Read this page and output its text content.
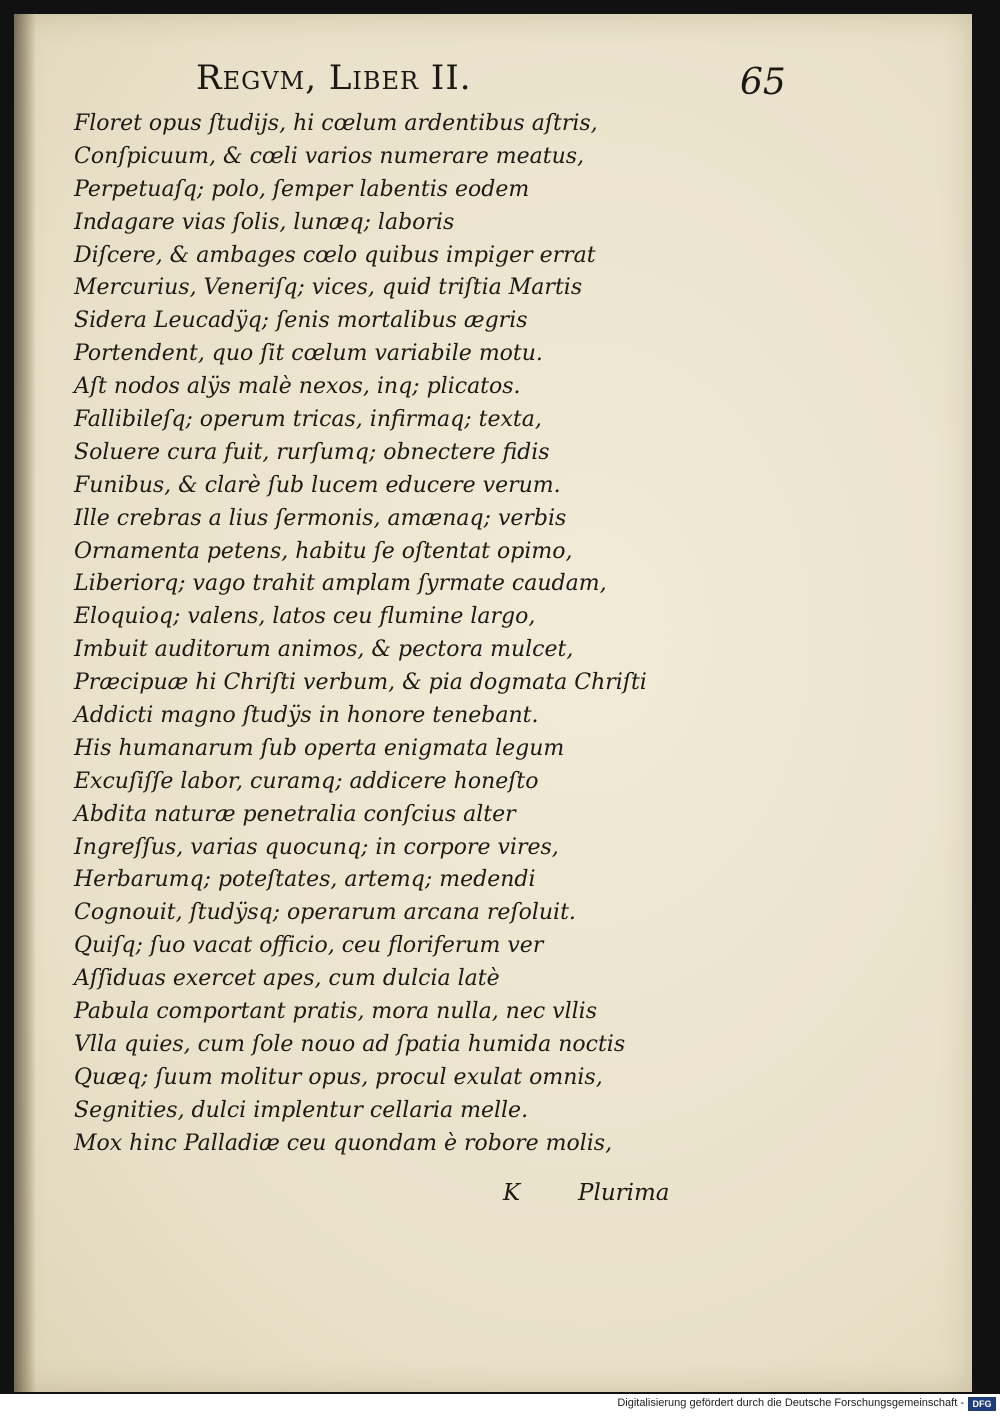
Regvm, Liber II.	65
Floret opus ſtudijs, hi cœlum ardentibus aſtris,
Conſpicuum, & cœli varios numerare meatus,
Perpetuaſq; polo, ſemper labentis eodem
Indagare vias ſolis, lunæq; laboris
Diſcere, & ambages cœlo quibus impiger errat
Mercurius, Veneriſq; vices, quid triſtia Martis
Sidera Leucadÿq; ſenis mortalibus ægris
Portendent, quo ſit cœlum variabile motu.
Aſt nodos alÿs malè nexos, inq; plicatos.
Fallibileſq; operum tricas, infirmaq; texta,
Soluere cura fuit, rurſumq; obnectere fidis
Funibus, & clarè ſub lucem educere verum.
Ille crebras a lius ſermonis, amænaq; verbis
Ornamenta petens, habitu ſe oſtentat opimo,
Liberiorq; vago trahit amplam ſyrmate caudam,
Eloquioq; valens, latos ceu flumine largo,
Imbuit auditorum animos, & pectora mulcet,
Præcipuæ hi Chriſti verbum, & pia dogmata Chriſti
Addicti magno ſtudÿs in honore tenebant.
His humanarum ſub operta enigmata legum
Excuſiſſe labor, curamq; addicere honeſto
Abdita naturæ penetralia conſcius alter
Ingreſſus, varias quocunq; in corpore vires,
Herbarumq; poteſtates, artemq; medendi
Cognouit, ſtudÿsq; operarum arcana reſoluit.
Quiſq; ſuo vacat officio, ceu floriferum ver
Aſſiduas exercet apes, cum dulcia latè
Pabula comportant pratis, mora nulla, nec vllis
Vlla quies, cum ſole nouo ad ſpatia humida noctis
Quæq; ſuum molitur opus, procul exulat omnis,
Segnities, dulci implentur cellaria melle.
Mox hinc Palladiæ ceu quondam è robore molis,
K	Plurima
Digitalisierung gefördert durch die Deutsche Forschungsgemeinschaft - DFG
